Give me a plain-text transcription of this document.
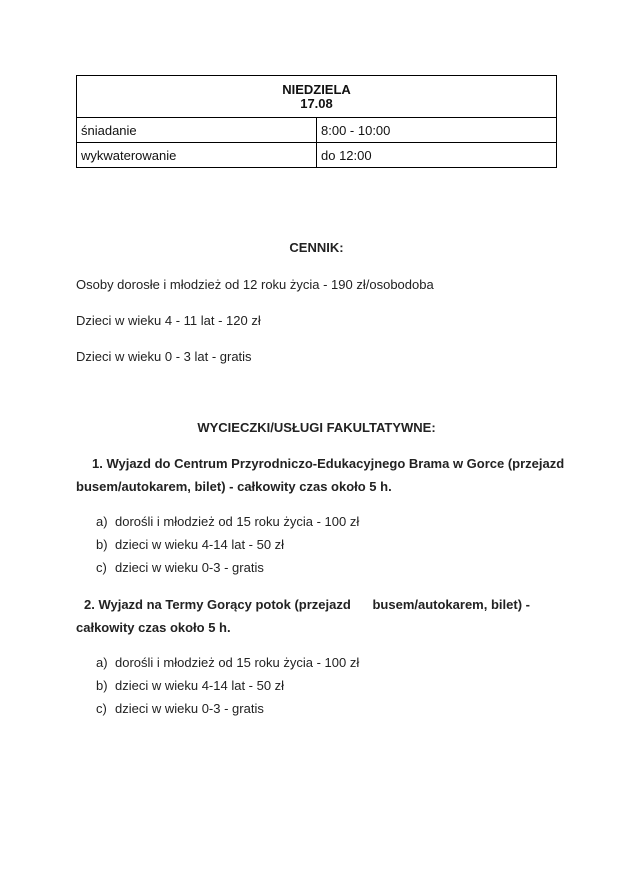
NIEDZIELA
17.08	

śniadanie	8:00 - 10:00
wykwaterowanie	do 12:00
CENNIK:
Osoby dorosłe i młodzież od 12 roku życia - 190 zł/osobodoba
Dzieci w wieku 4 - 11 lat - 120 zł
Dzieci w wieku 0 - 3 lat - gratis
WYCIECZKI/USŁUGI FAKULTATYWNE:
1. Wyjazd do Centrum Przyrodniczo-Edukacyjnego Brama w Gorce (przejazd
busem/autokarem, bilet) - całkowity czas około 5 h.
a) dorośli i młodzież od 15 roku życia - 100 zł
b) dzieci w wieku 4-14 lat - 50 zł
c) dzieci w wieku 0-3 - gratis
2. Wyjazd na Termy Gorący potok (przejazd      busem/autokarem, bilet) -
całkowity czas około 5 h.
a) dorośli i młodzież od 15 roku życia - 100 zł
b) dzieci w wieku 4-14 lat - 50 zł
c) dzieci w wieku 0-3 - gratis
